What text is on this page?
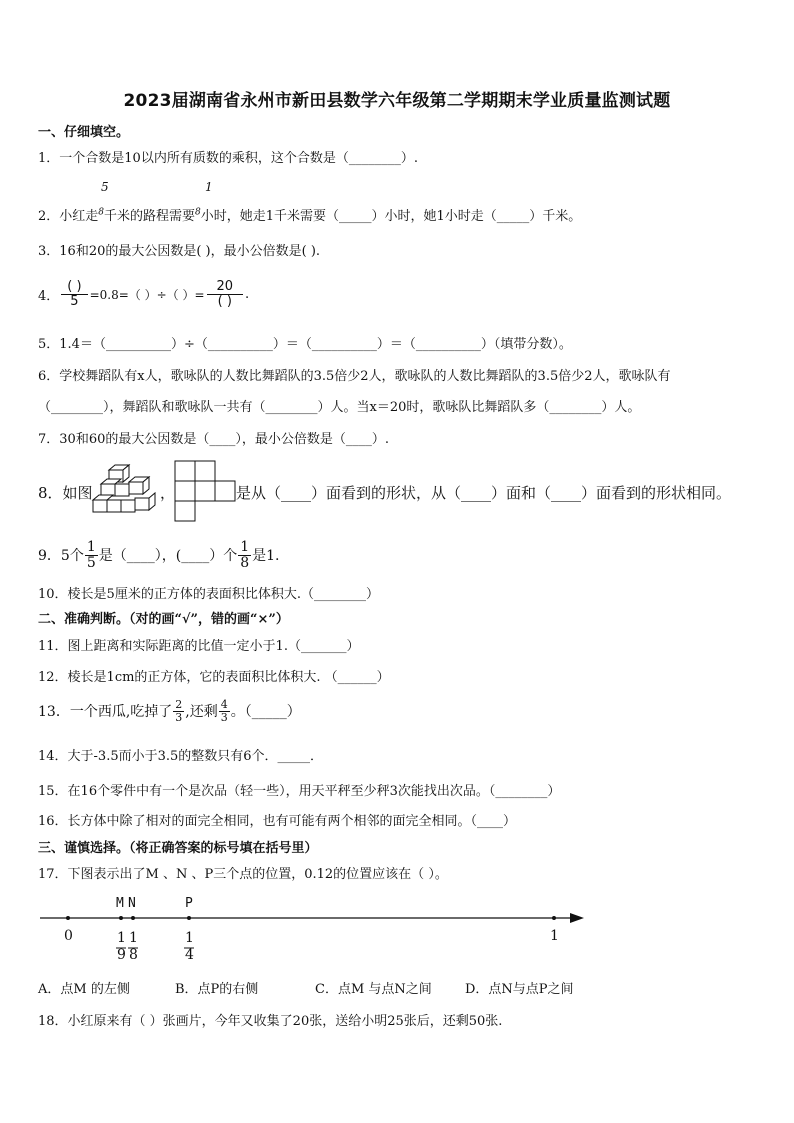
2023届湖南省永州市新田县数学六年级第二学期期末学业质量监测试题
一、仔细填空。
1．一个合数是10以内所有质数的乘积，这个合数是（________）.
2．小红走$^8$千米的路程需要$^8$小时，她走1千米需要（_____）小时，她1小时走（_____）千米。
5	1
3．16和20的最大公因数是( )，最小公倍数是( ).
4． $\frac{( )}{5} =0.8=$（ ）÷（ ）= $\frac{20}{( )}$ .
5．1.4＝（__________）÷（__________）＝（__________）＝（__________）（填带分数）。
6．学校舞蹈队有x人，歌咏队的人数比舞蹈队的3.5倍少2人，歌咏队的人数比舞蹈队的3.5倍少2人，歌咏队有
（________），舞蹈队和歌咏队一共有（________）人。当x＝20时，歌咏队比舞蹈队多（________）人。
7．30和60的最大公因数是（____），最小公倍数是（____）.
8．如图	，	是从（____）面看到的形状，从（____）面和（____）面看到的形状相同。
9．5个 $\frac{1}{5}$ 是（____），(____）个 $\frac{1}{8}$ 是1.
10．棱长是5厘米的正方体的表面积比体积大.（________）
二、准确判断。（对的画“√”，错的画“×”）
11．图上距离和实际距离的比值一定小于1.（_______）
12．棱长是1cm的正方体，它的表面积比体积大. （______）
13．一个西瓜,吃掉了 $\frac{2}{3}$ ,还剩 $\frac{4}{3}$ 。（_____）
14．大于-3.5而小于3.5的整数只有6个．_____．
15．在16个零件中有一个是次品（轻一些），用天平秤至少秤3次能找出次品。（________）
16．长方体中除了相对的面完全相同，也有可能有两个相邻的面完全相同。（____）
三、谨慎选择。（将正确答案的标号填在括号里）
17．下图表示出了M 、N 、P三个点的位置，0.12的位置应该在（ ）。
M N	P
0	1
9
1
8
1
4
1
A．点M 的左侧	B．点P的右侧	C．点M 与点N之间	D．点N与点P之间
18．小红原来有（ ）张画片，今年又收集了20张，送给小明25张后，还剩50张.
